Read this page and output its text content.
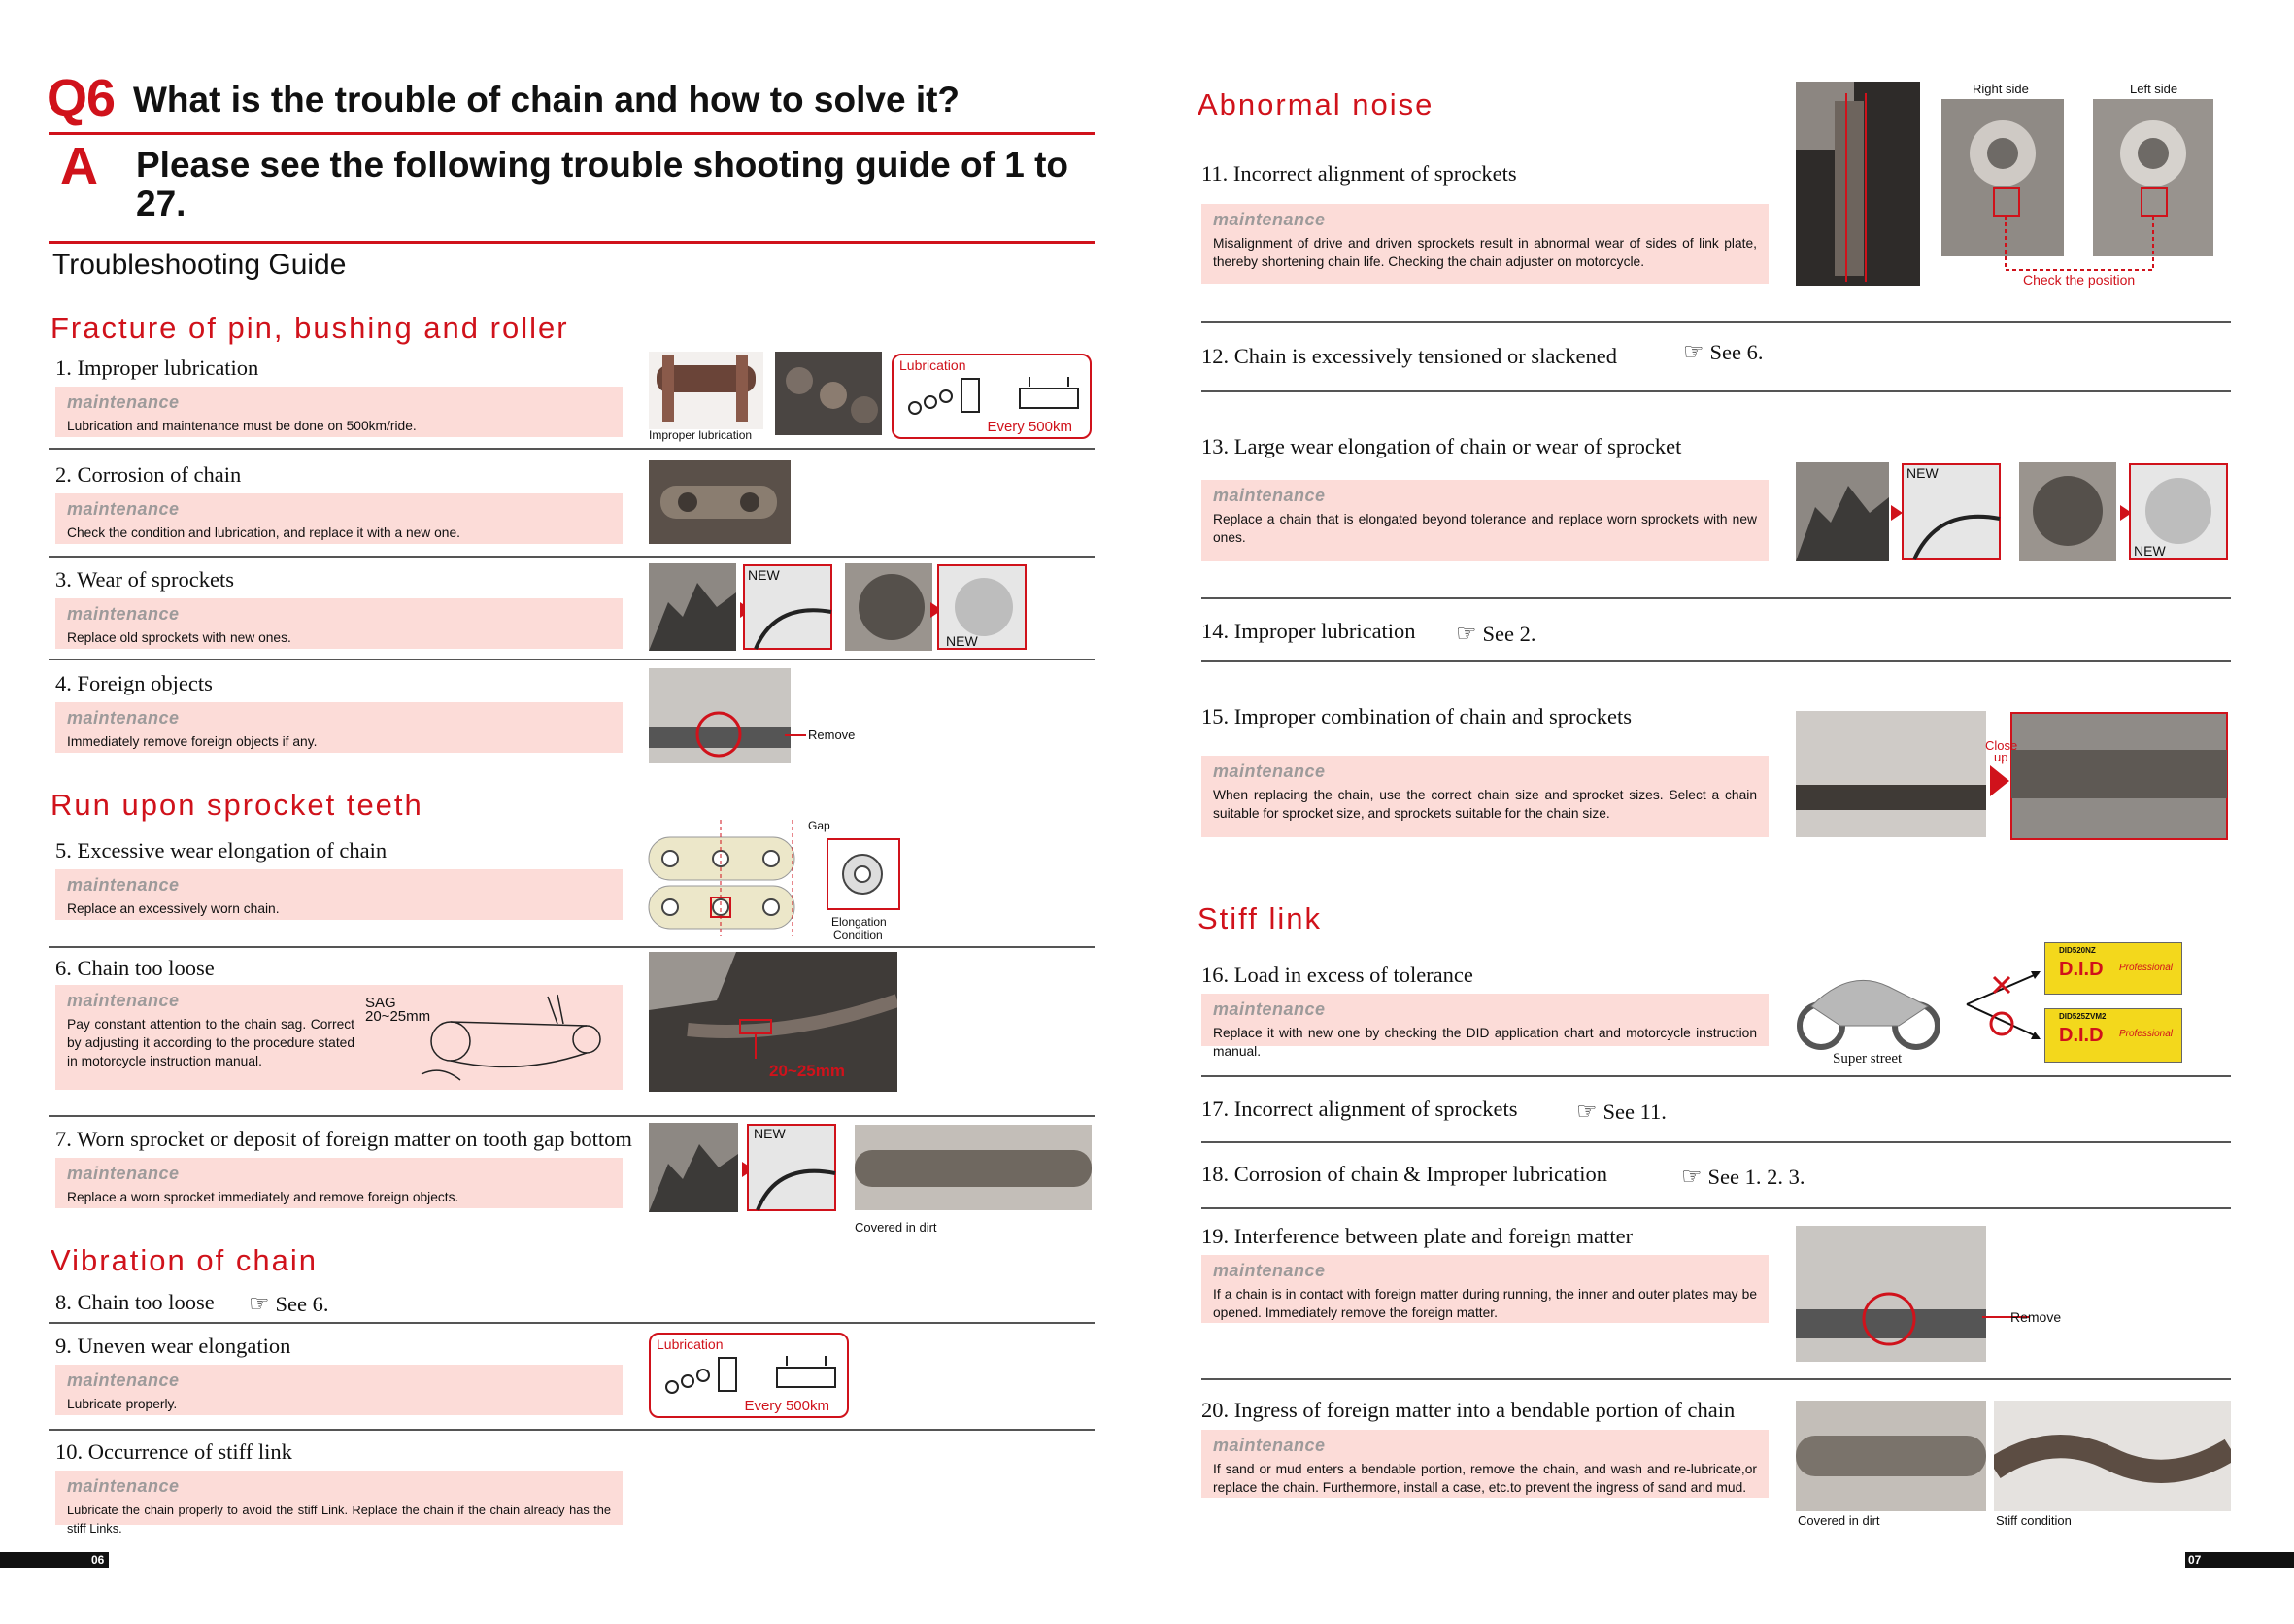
Q6 What is the trouble of chain and how to solve it?
A Please see the following trouble shooting guide of 1 to 27.
Troubleshooting Guide
Fracture of pin, bushing and roller
1. Improper lubrication
maintenance
Lubrication and maintenance must be done on 500km/ride.
Improper lubrication
Lubrication
Every 500km
2. Corrosion of chain
maintenance
Check the condition and lubrication, and replace it with a new one.
3. Wear of sprockets
maintenance
Replace old sprockets with new ones.
NEW
NEW
4. Foreign objects
maintenance
Immediately remove foreign objects if any.	Remove
Run upon sprocket teeth
5. Excessive wear elongation of chain
maintenance
Replace an excessively worn chain.
Gap
Elongation
Condition
6. Chain too loose
maintenance
Pay constant attention to the chain sag. Correct by adjusting it according to the procedure stated in motorcycle instruction manual.
SAG
20~25mm
20~25mm
7. Worn sprocket or deposit of foreign matter on tooth gap bottom
maintenance
Replace a worn sprocket immediately and remove foreign objects.
NEW
Covered in dirt
Vibration of chain
8. Chain too loose ☞ See 6.
9. Uneven wear elongation
maintenance
Lubricate properly.
Lubrication
Every 500km
10. Occurrence of stiff link
maintenance
Lubricate the chain properly to avoid the stiff Link. Replace the chain if the chain already has the stiff Links.
06
Abnormal noise
11. Incorrect alignment of sprockets
maintenance
Misalignment of drive and driven sprockets result in abnormal wear of sides of link plate, thereby shortening chain life. Checking the chain adjuster on motorcycle.
Right side	Left side
Check the position
12. Chain is excessively tensioned or slackened	☞ See 6.
13. Large wear elongation of chain or wear of sprocket
maintenance
Replace a chain that is elongated beyond tolerance and replace worn sprockets with new ones.
NEW
NEW
14. Improper lubrication ☞ See 2.
15. Improper combination of chain and sprockets
maintenance
When replacing the chain, use the correct chain size and sprocket sizes. Select a chain suitable for sprocket size, and sprockets suitable for the chain size.
Close
up
Stiff link
16. Load in excess of tolerance
maintenance
Replace it with new one by checking the DID application chart and motorcycle instruction manual.	Super street
DID520NZ
D.I.D Professional
DID525ZVM2
D.I.D Professional
17. Incorrect alignment of sprockets	☞ See 11.
18. Corrosion of chain & Improper lubrication	☞ See 1. 2. 3.
19. Interference between plate and foreign matter
maintenance
If a chain is in contact with foreign matter during running, the inner and outer plates may be opened. Immediately remove the foreign matter.	Remove
20. Ingress of foreign matter into a bendable portion of chain
maintenance
If sand or mud enters a bendable portion, remove the chain, and wash and re-lubricate,or replace the chain. Furthermore, install a case, etc.to prevent the ingress of sand and mud.
Covered in dirt	Stiff condition
07
